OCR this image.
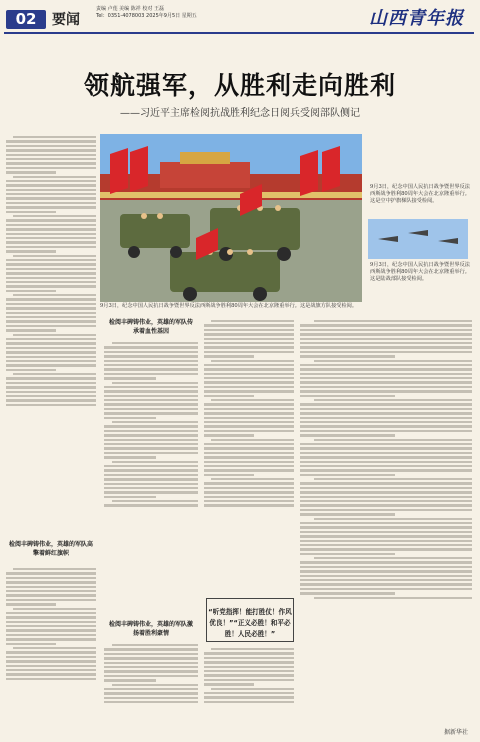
02	要闻
责编 卢莲 美编 陈祥 校对 王磊
Tel：0351-4078003 2025年9月5日 星期五	山西青年报
领航强军，从胜利走向胜利
——习近平主席检阅抗战胜利纪念日阅兵受阅部队侧记
9月3日，纪念中国人民抗日战争暨世界反法西斯战争胜利80周年大会在北京隆重举行。这是战旗方队接受检阅。
9月3日，纪念中国人民抗日战争暨世界反法西斯战争胜利80周年大会在北京隆重举行。这是空中护旗梯队接受检阅。
9月3日，纪念中国人民抗日战争暨世界反法西斯战争胜利80周年大会在北京隆重举行。这是陆战部队接受检阅。
检阅丰碑铸伟业，英雄的军队高擎着鲜红旗帜
检阅丰碑铸伟业，英雄的军队传承着血性基因
检阅丰碑铸伟业，英雄的军队激扬着胜利豪情
“听党指挥！能打胜仗！作风优良！”“正义必胜！和平必胜！人民必胜！”
据新华社
